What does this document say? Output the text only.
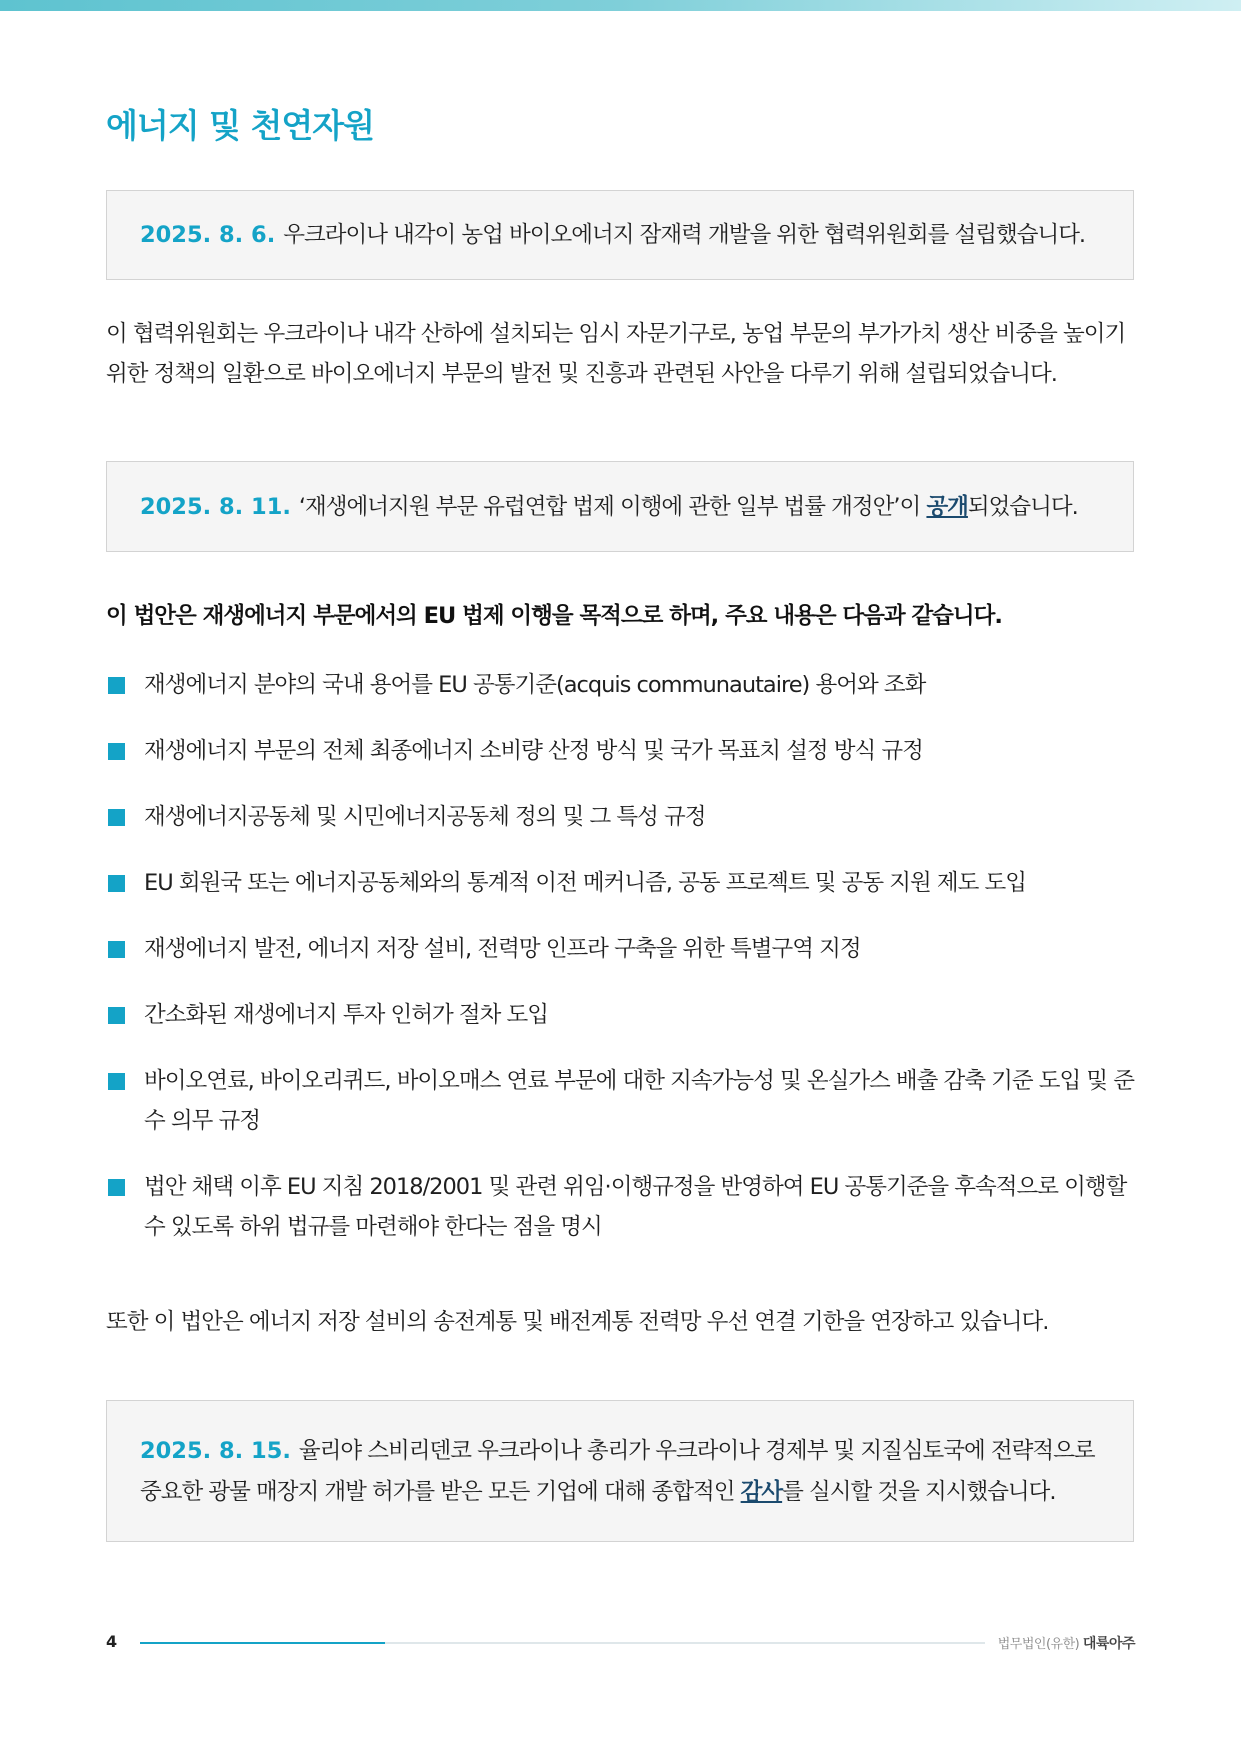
에너지 및 천연자원

2025. 8. 6. 우크라이나 내각이 농업 바이오에너지 잠재력 개발을 위한 협력위원회를 설립했습니다.

이 협력위원회는 우크라이나 내각 산하에 설치되는 임시 자문기구로, 농업 부문의 부가가치 생산 비중을 높이기 위한 정책의 일환으로 바이오에너지 부문의 발전 및 진흥과 관련된 사안을 다루기 위해 설립되었습니다.

2025. 8. 11. ‘재생에너지원 부문 유럽연합 법제 이행에 관한 일부 법률 개정안’이 공개되었습니다.

이 법안은 재생에너지 부문에서의 EU 법제 이행을 목적으로 하며, 주요 내용은 다음과 같습니다.

재생에너지 분야의 국내 용어를 EU 공통기준(acquis communautaire) 용어와 조화
재생에너지 부문의 전체 최종에너지 소비량 산정 방식 및 국가 목표치 설정 방식 규정
재생에너지공동체 및 시민에너지공동체 정의 및 그 특성 규정
EU 회원국 또는 에너지공동체와의 통계적 이전 메커니즘, 공동 프로젝트 및 공동 지원 제도 도입
재생에너지 발전, 에너지 저장 설비, 전력망 인프라 구축을 위한 특별구역 지정
간소화된 재생에너지 투자 인허가 절차 도입
바이오연료, 바이오리퀴드, 바이오매스 연료 부문에 대한 지속가능성 및 온실가스 배출 감축 기준 도입 및 준수 의무 규정
법안 채택 이후 EU 지침 2018/2001 및 관련 위임·이행규정을 반영하여 EU 공통기준을 후속적으로 이행할 수 있도록 하위 법규를 마련해야 한다는 점을 명시

또한 이 법안은 에너지 저장 설비의 송전계통 및 배전계통 전력망 우선 연결 기한을 연장하고 있습니다.

2025. 8. 15. 율리야 스비리덴코 우크라이나 총리가 우크라이나 경제부 및 지질심토국에 전략적으로 중요한 광물 매장지 개발 허가를 받은 모든 기업에 대해 종합적인 감사를 실시할 것을 지시했습니다.

4	법무법인(유한) 대륙아주
